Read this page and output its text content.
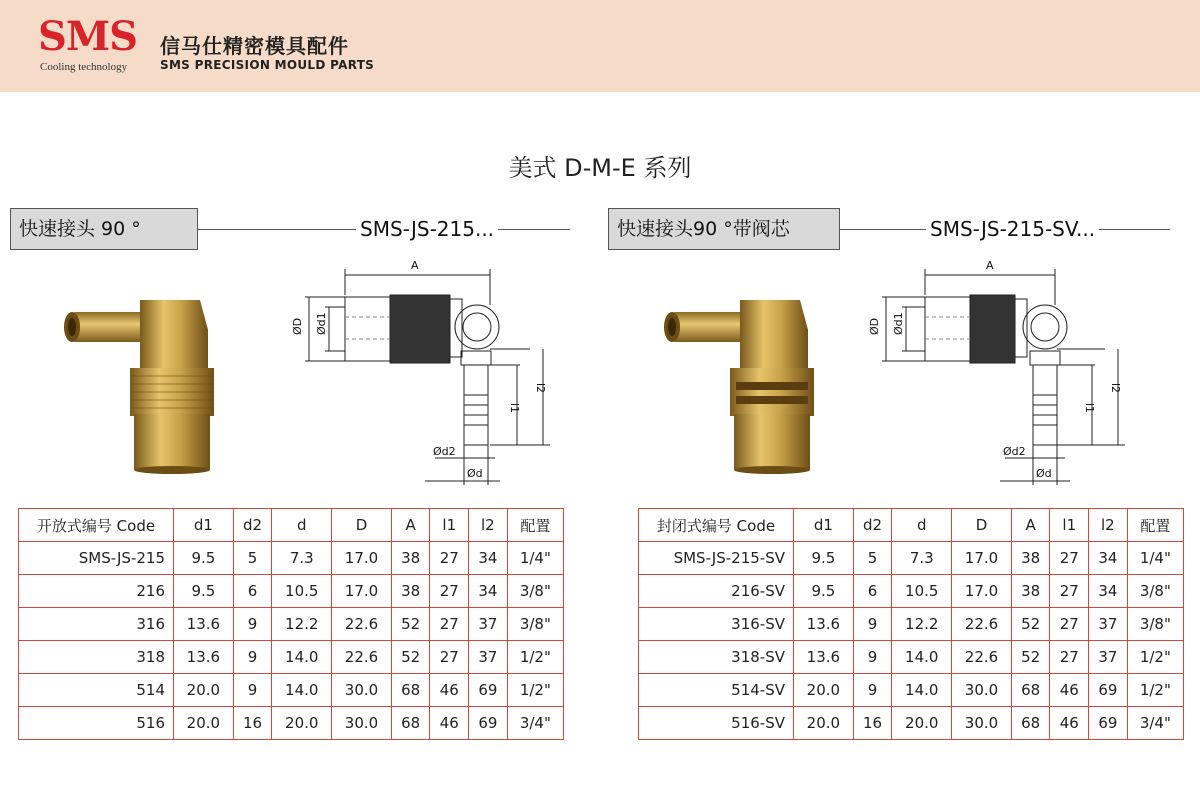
SMS
Cooling technology
信马仕精密模具配件
SMS PRECISION MOULD PARTS
美式 D-M-E 系列
快速接头 90 °	SMS-JS-215...	快速接头90 °带阀芯	SMS-JS-215-SV...
A
ØD Ød1
l1
l2
Ød2
Ød
A
ØD Ød1
l1
l2
Ød2
Ød
开放式编号 Code	d1	d2	d	D	A	l1	l2	配置
SMS-JS-215	9.5	5	7.3	17.0	38	27	34	1/4"
216	9.5	6	10.5	17.0	38	27	34	3/8"
316	13.6	9	12.2	22.6	52	27	37	3/8"
318	13.6	9	14.0	22.6	52	27	37	1/2"
514	20.0	9	14.0	30.0	68	46	69	1/2"
516	20.0	16	20.0	30.0	68	46	69	3/4"
封闭式编号 Code	d1	d2	d	D	A	l1	l2	配置
SMS-JS-215-SV	9.5	5	7.3	17.0	38	27	34	1/4"
216-SV	9.5	6	10.5	17.0	38	27	34	3/8"
316-SV	13.6	9	12.2	22.6	52	27	37	3/8"
318-SV	13.6	9	14.0	22.6	52	27	37	1/2"
514-SV	20.0	9	14.0	30.0	68	46	69	1/2"
516-SV	20.0	16	20.0	30.0	68	46	69	3/4"
